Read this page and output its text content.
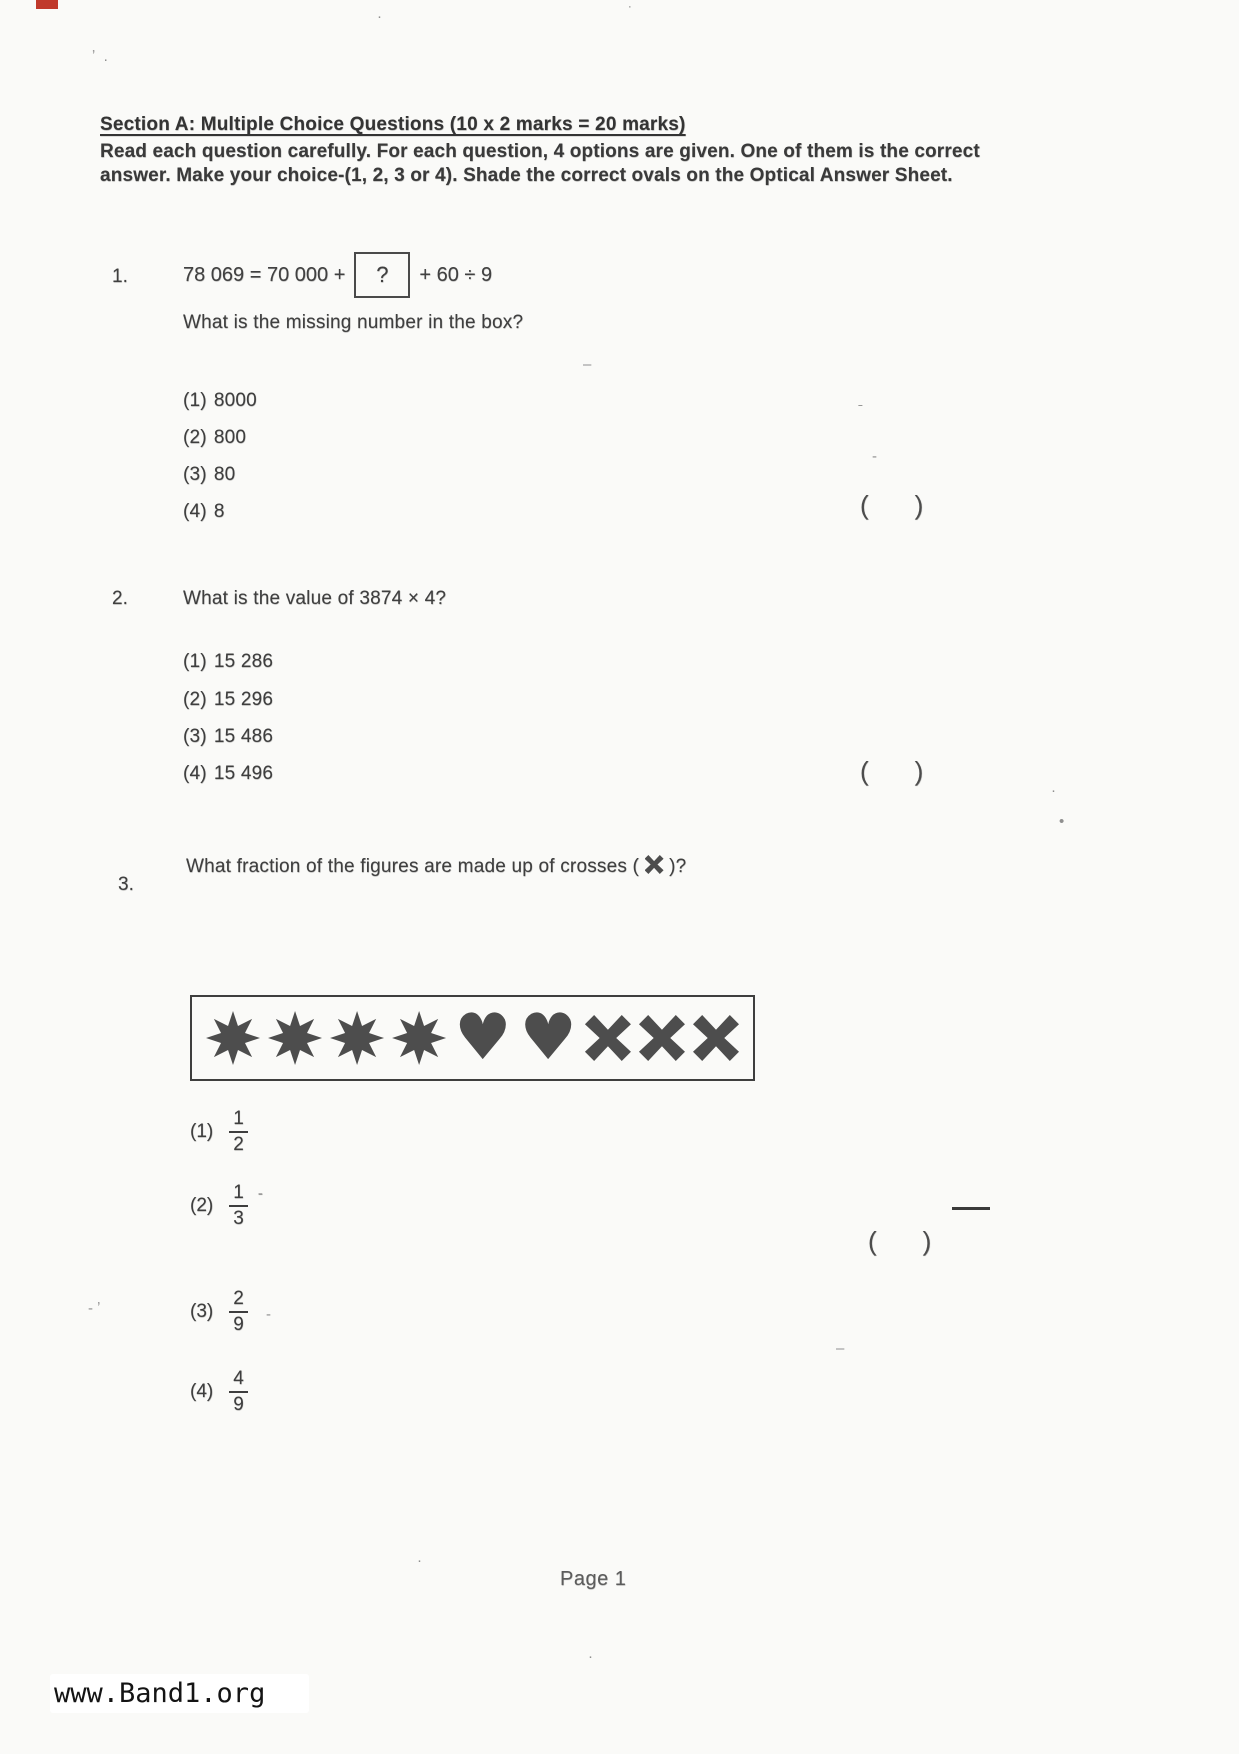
ʼ  .
·	˙
–
ˉ
-
·
•
- ʼ	-
–
·
·
Section A: Multiple Choice Questions (10 x 2 marks = 20 marks)
Read each question carefully. For each question, 4 options are given. One of them is the correct answer. Make your choice-(1, 2, 3 or 4). Shade the correct ovals on the Optical Answer Sheet.
1.	78 069 = 70 000 +	?	+ 60 ÷ 9
What is the missing number in the box?
(1) 8000
(2) 800
(3) 80
(4) 8	( )
2.	What is the value of 3874 × 4?
(1) 15 286
(2) 15 296
(3) 15 486
(4) 15 496	( )
What fraction of the figures are made up of crosses ( )?
3.
♥ ♥
$(1) \frac{1}{2}$
$(2) \frac{1}{3}$ -
$(3) \frac{2}{9}$
$(4) \frac{4}{9}$
( )
Page 1
www.Band1.org
